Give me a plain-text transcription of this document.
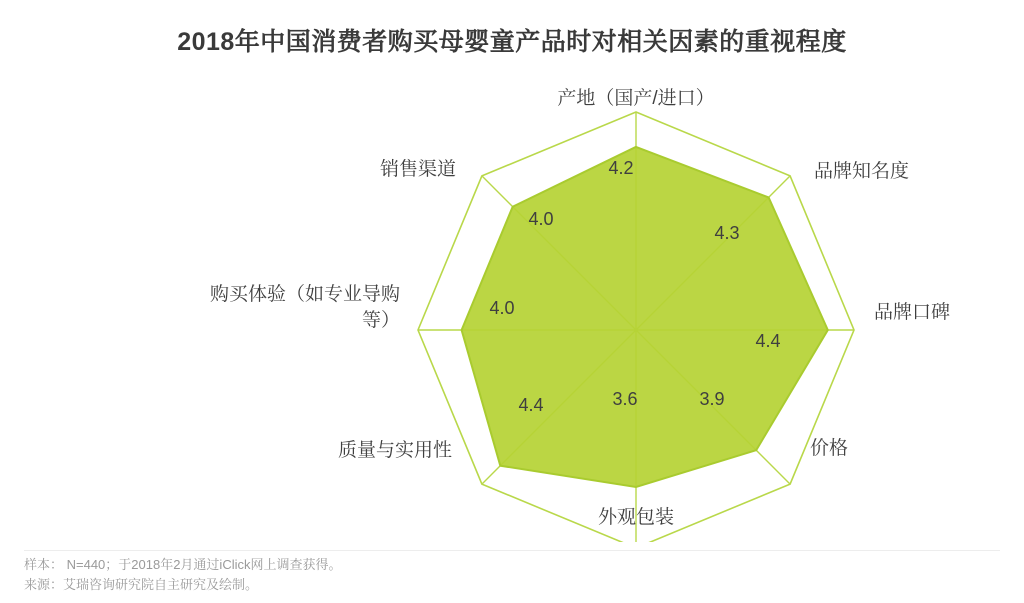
2018年中国消费者购买母婴童产品时对相关因素的重视程度
产地（国产/进口）
品牌知名度
品牌口碑
价格
外观包装
质量与实用性
购买体验（如专业导购
等）
销售渠道	4.2
4.3
4.4
3.9
3.6
4.4
4.0
4.0
样本： N=440；于2018年2月通过iClick网上调查获得。
来源：艾瑞咨询研究院自主研究及绘制。
